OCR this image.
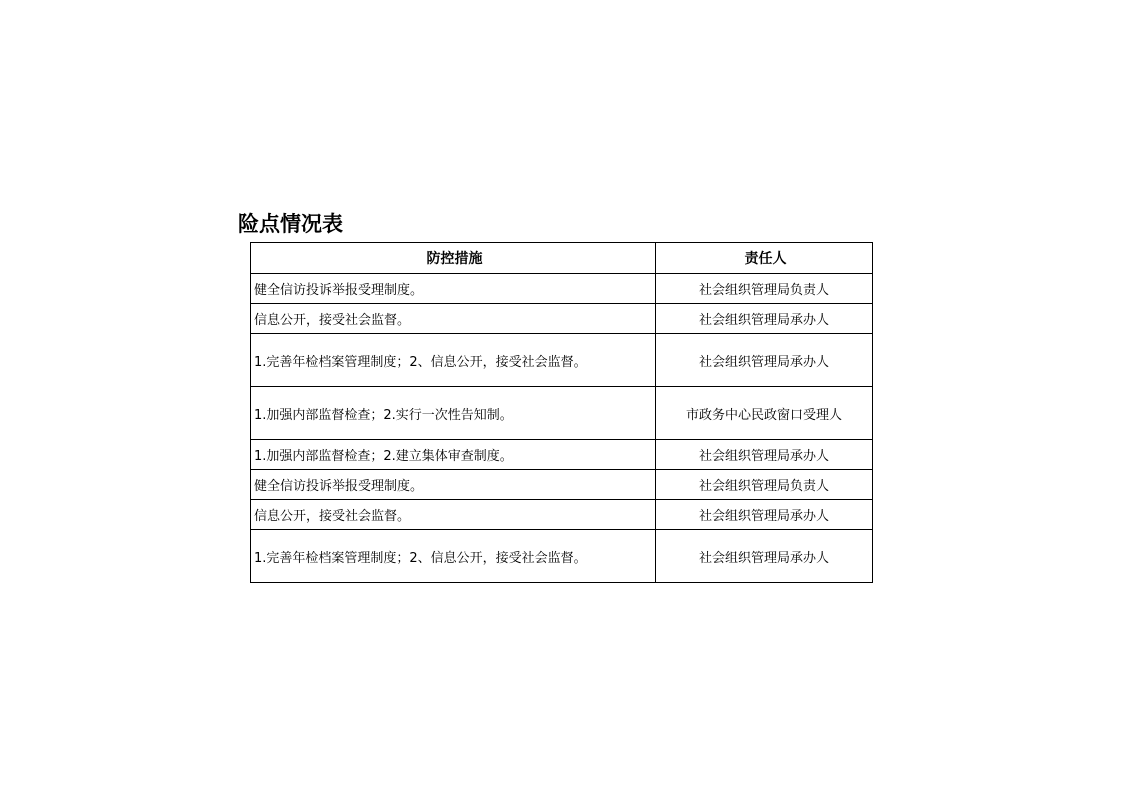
险点情况表
防控措施	责任人
健全信访投诉举报受理制度。	社会组织管理局负责人
信息公开，接受社会监督。	社会组织管理局承办人
1.完善年检档案管理制度；2、信息公开，接受社会监督。	社会组织管理局承办人
1.加强内部监督检查；2.实行一次性告知制。	市政务中心民政窗口受理人
1.加强内部监督检查；2.建立集体审查制度。	社会组织管理局承办人
健全信访投诉举报受理制度。	社会组织管理局负责人
信息公开，接受社会监督。	社会组织管理局承办人
1.完善年检档案管理制度；2、信息公开，接受社会监督。	社会组织管理局承办人
